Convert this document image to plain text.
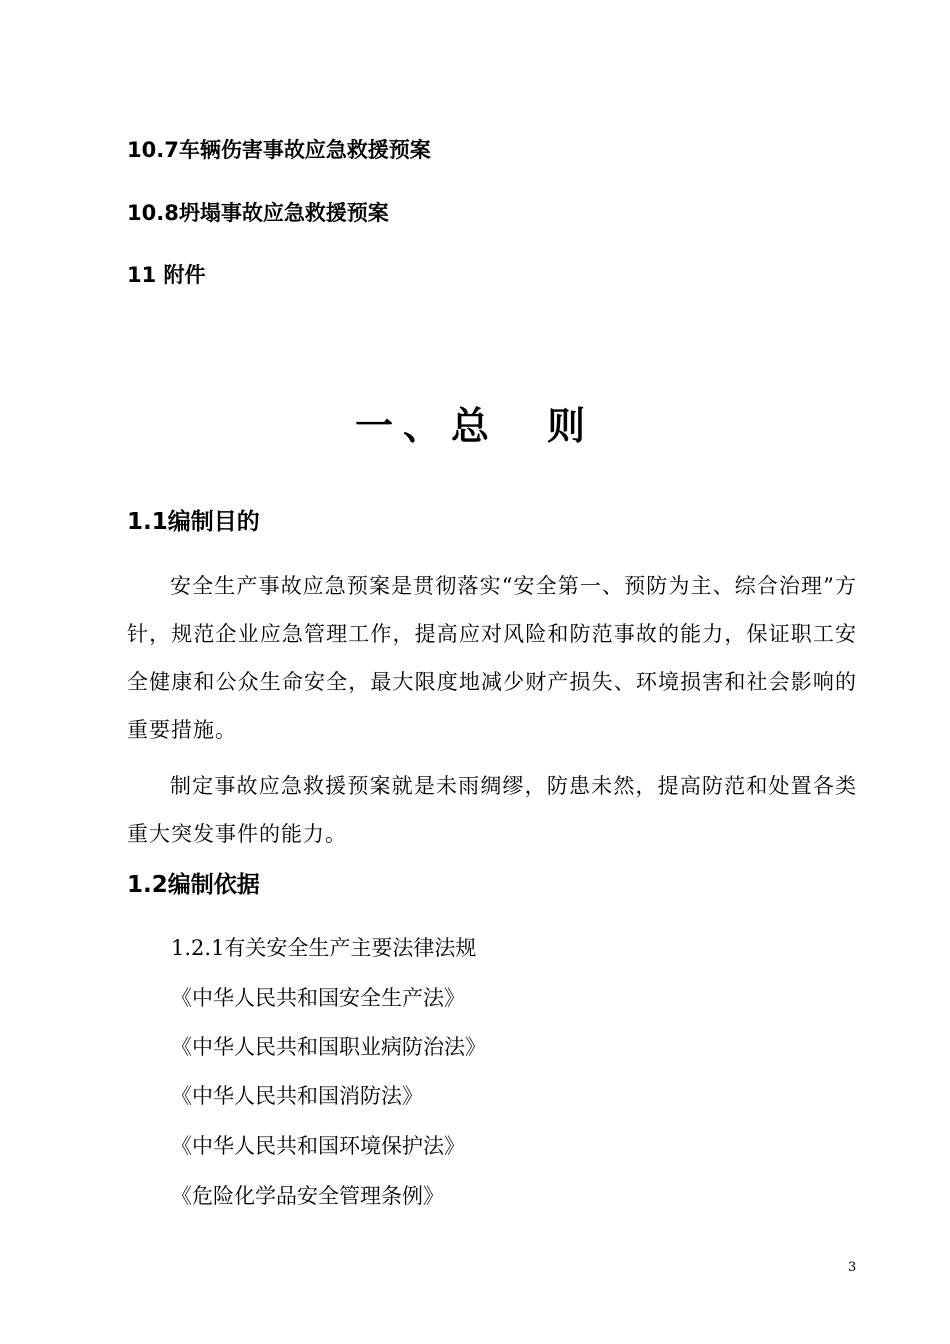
10.7车辆伤害事故应急救援预案
10.8坍塌事故应急救援预案
11 附件
一、总　则
1.1编制目的
安全生产事故应急预案是贯彻落实“安全第一、预防为主、综合治理”方针，规范企业应急管理工作，提高应对风险和防范事故的能力，保证职工安全健康和公众生命安全，最大限度地减少财产损失、环境损害和社会影响的重要措施。
制定事故应急救援预案就是未雨绸缪，防患未然，提高防范和处置各类重大突发事件的能力。
1.2编制依据
1.2.1有关安全生产主要法律法规
《中华人民共和国安全生产法》
《中华人民共和国职业病防治法》
《中华人民共和国消防法》
《中华人民共和国环境保护法》
《危险化学品安全管理条例》
3
